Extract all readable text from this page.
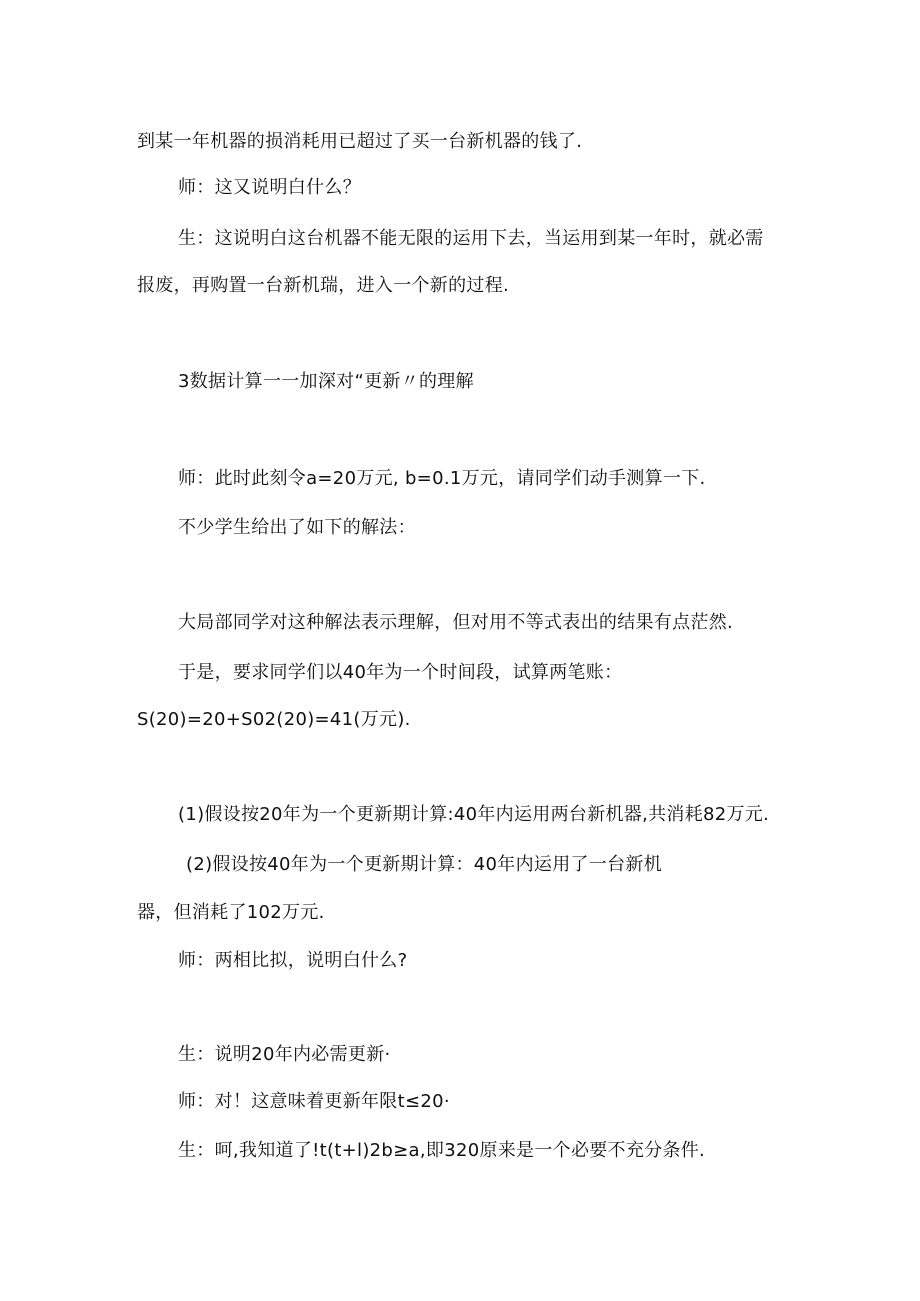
到某一年机器的损消耗用已超过了买一台新机器的钱了.
师：这又说明白什么？
生：这说明白这台机器不能无限的运用下去，当运用到某一年时，就必需
报废，再购置一台新机瑞，进入一个新的过程.
3数据计算一一加深对“更新〃的理解
师：此时此刻令a=20万元, b=0.1万元，请同学们动手测算一下.
不少学生给出了如下的解法：
大局部同学对这种解法表示理解，但对用不等式表出的结果有点茫然.
于是，要求同学们以40年为一个时间段，试算两笔账：
S(20)=20+S02(20)=41(万元).
(1)假设按20年为一个更新期计算:40年内运用两台新机器,共消耗82万元.
(2)假设按40年为一个更新期计算：40年内运用了一台新机
器，但消耗了102万元.
师：两相比拟，说明白什么?
生：说明20年内必需更新·
师：对！这意味着更新年限t≤20·
生：呵,我知道了!t(t+l)2b≥a,即320原来是一个必要不充分条件.
